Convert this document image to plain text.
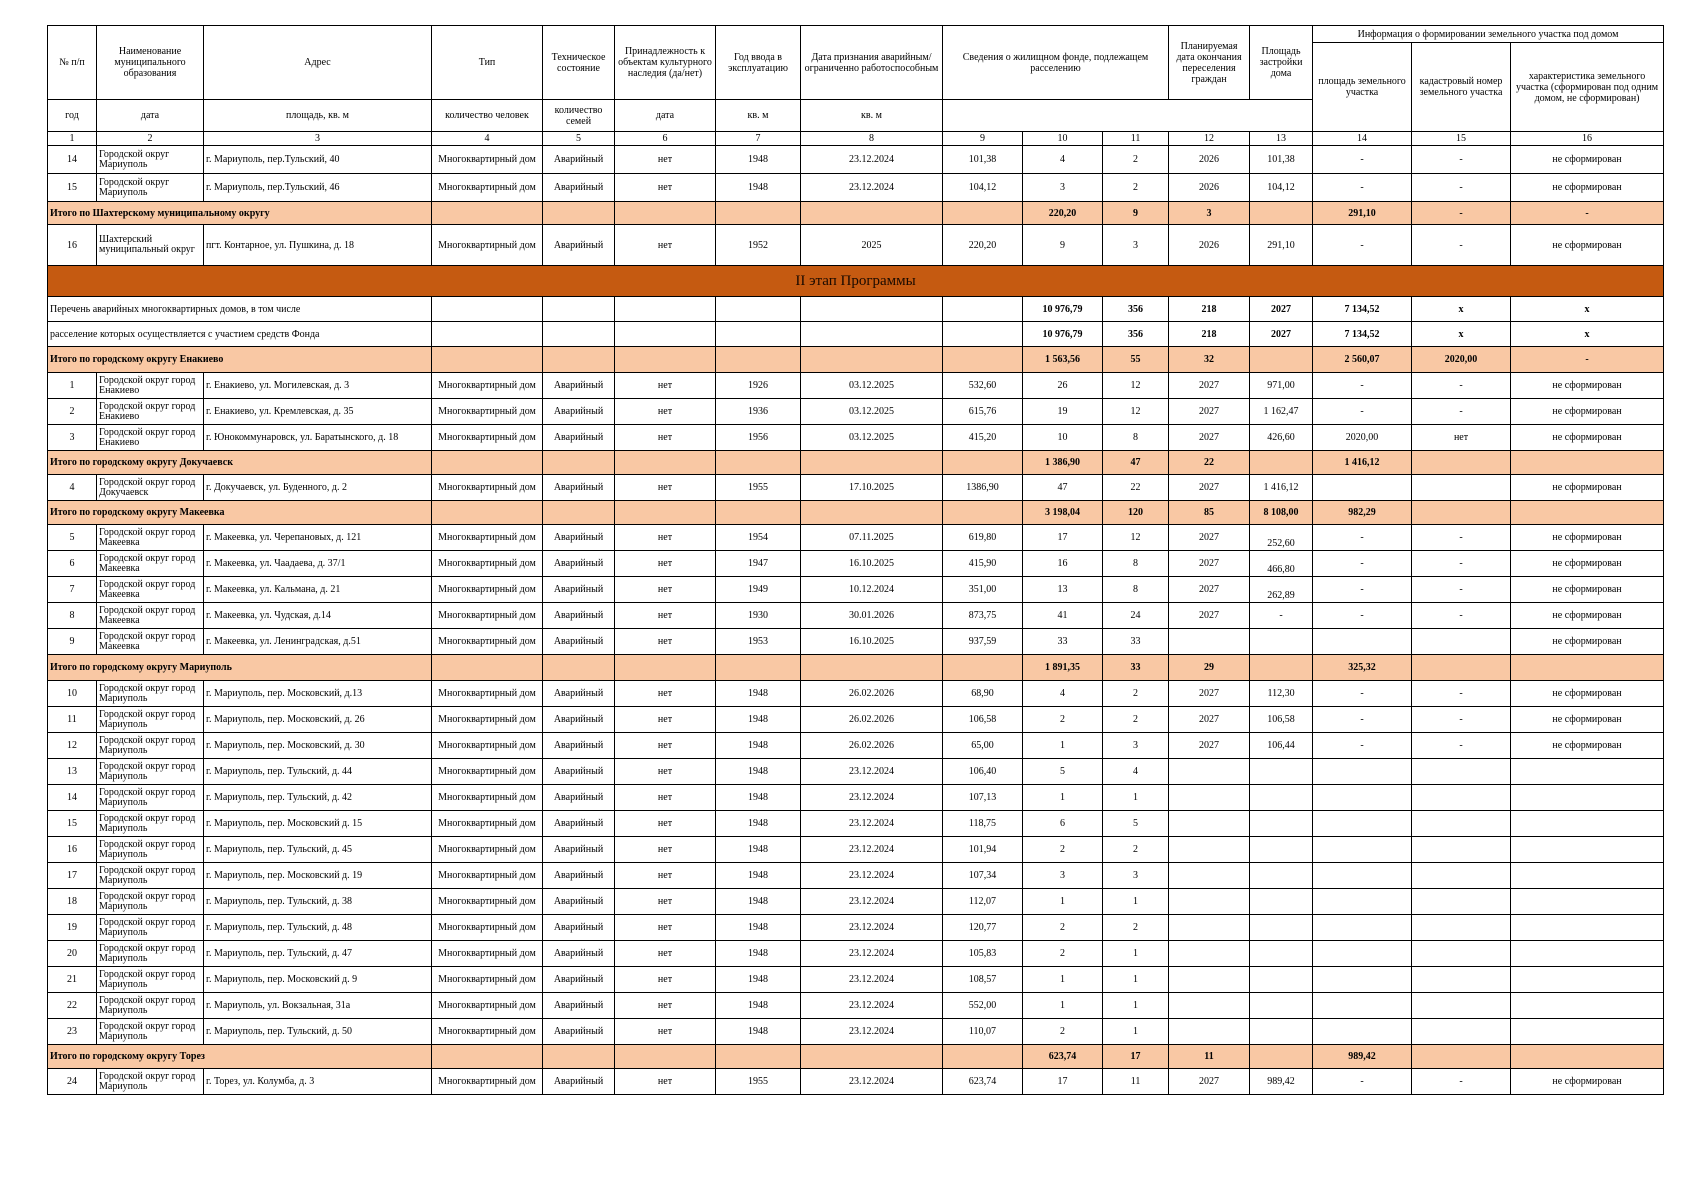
№ п/п	Наименование муниципального образования	Адрес	Тип	Техническое состояние	Принадлежность к объектам культурного наследия (да/нет)	Год ввода в эксплуатацию	Дата признания аварийным/ограниченно работоспособным	Сведения о жилищном фонде, подлежащем расселению			Планируемая дата окончания переселения граждан	Площадь застройки дома	Информация о формировании земельного участка под домом			
													площадь земельного участка	кадастровый номер земельного участка	характеристика земельного участка (сформирован под одним домом, не сформирован)	
год	дата	площадь, кв. м	количество человек	количество семей	дата	кв. м	кв. м									
1	2	3	4	5	6	7	8	9	10	11	12	13	14	15	16	
14	Городской округ Мариуполь	г. Мариуполь, пер.Тульский, 40	Многоквартирный дом	Аварийный	нет	1948	23.12.2024	101,38	4	2	2026	101,38	-	-	не сформирован	
15	Городской округ Мариуполь	г. Мариуполь, пер.Тульский, 46	Многоквартирный дом	Аварийный	нет	1948	23.12.2024	104,12	3	2	2026	104,12	-	-	не сформирован	
Итого по Шахтерскому муниципальному округу									220,20	9	3		291,10	-	-	
16	Шахтерский муниципальный округ	пгт. Контарное, ул. Пушкина, д. 18	Многоквартирный дом	Аварийный	нет	1952	2025	220,20	9	3	2026	291,10	-	-	не сформирован	
II этап Программы																
Перечень аварийных многоквартирных домов, в том числе									10 976,79	356	218	2027	7 134,52	x	x	
расселение которых осуществляется с участием средств Фонда									10 976,79	356	218	2027	7 134,52	x	x	
Итого по городскому округу Енакиево									1 563,56	55	32		2 560,07	2020,00	-	
1	Городской округ город Енакиево	г. Енакиево, ул. Могилевская, д. 3	Многоквартирный дом	Аварийный	нет	1926	03.12.2025	532,60	26	12	2027	971,00	-	-	не сформирован	
2	Городской округ город Енакиево	г. Енакиево, ул. Кремлевская, д. 35	Многоквартирный дом	Аварийный	нет	1936	03.12.2025	615,76	19	12	2027	1 162,47	-	-	не сформирован	
3	Городской округ город Енакиево	г. Юнокоммунаровск, ул. Баратынского, д. 18	Многоквартирный дом	Аварийный	нет	1956	03.12.2025	415,20	10	8	2027	426,60	2020,00	нет	не сформирован	
Итого по городскому округу Докучаевск									1 386,90	47	22		1 416,12			
4	Городской округ город Докучаевск	г. Докучаевск, ул. Буденного, д. 2	Многоквартирный дом	Аварийный	нет	1955	17.10.2025	1386,90	47	22	2027	1 416,12			не сформирован	
Итого по городскому округу Макеевка									3 198,04	120	85	8 108,00	982,29			
5	Городской округ город Макеевка	г. Макеевка, ул. Черепановых, д. 121	Многоквартирный дом	Аварийный	нет	1954	07.11.2025	619,80	17	12	2027	252,60	-	-	не сформирован	
6	Городской округ город Макеевка	г. Макеевка, ул. Чаадаева, д. 37/1	Многоквартирный дом	Аварийный	нет	1947	16.10.2025	415,90	16	8	2027	466,80	-	-	не сформирован	
7	Городской округ город Макеевка	г. Макеевка, ул. Кальмана, д. 21	Многоквартирный дом	Аварийный	нет	1949	10.12.2024	351,00	13	8	2027	262,89	-	-	не сформирован	
8	Городской округ город Макеевка	г. Макеевка, ул. Чудская, д.14	Многоквартирный дом	Аварийный	нет	1930	30.01.2026	873,75	41	24	2027	-	-	-	не сформирован	
9	Городской округ город Макеевка	г. Макеевка, ул. Ленинградская, д.51	Многоквартирный дом	Аварийный	нет	1953	16.10.2025	937,59	33	33					не сформирован	
Итого по городскому округу Мариуполь									1 891,35	33	29		325,32			
10	Городской округ город Мариуполь	г. Мариуполь, пер. Московский, д.13	Многоквартирный дом	Аварийный	нет	1948	26.02.2026	68,90	4	2	2027	112,30	-	-	не сформирован	
11	Городской округ город Мариуполь	г. Мариуполь, пер. Московский, д. 26	Многоквартирный дом	Аварийный	нет	1948	26.02.2026	106,58	2	2	2027	106,58	-	-	не сформирован	
12	Городской округ город Мариуполь	г. Мариуполь, пер. Московский, д. 30	Многоквартирный дом	Аварийный	нет	1948	26.02.2026	65,00	1	3	2027	106,44	-	-	не сформирован	
13	Городской округ город Мариуполь	г. Мариуполь, пер. Тульский, д. 44	Многоквартирный дом	Аварийный	нет	1948	23.12.2024	106,40	5	4						
14	Городской округ город Мариуполь	г. Мариуполь, пер. Тульский, д. 42	Многоквартирный дом	Аварийный	нет	1948	23.12.2024	107,13	1	1						
15	Городской округ город Мариуполь	г. Мариуполь, пер. Московский д. 15	Многоквартирный дом	Аварийный	нет	1948	23.12.2024	118,75	6	5						
16	Городской округ город Мариуполь	г. Мариуполь, пер. Тульский, д. 45	Многоквартирный дом	Аварийный	нет	1948	23.12.2024	101,94	2	2						
17	Городской округ город Мариуполь	г. Мариуполь, пер. Московский д. 19	Многоквартирный дом	Аварийный	нет	1948	23.12.2024	107,34	3	3						
18	Городской округ город Мариуполь	г. Мариуполь, пер. Тульский, д. 38	Многоквартирный дом	Аварийный	нет	1948	23.12.2024	112,07	1	1						
19	Городской округ город Мариуполь	г. Мариуполь, пер. Тульский, д. 48	Многоквартирный дом	Аварийный	нет	1948	23.12.2024	120,77	2	2						
20	Городской округ город Мариуполь	г. Мариуполь, пер. Тульский, д. 47	Многоквартирный дом	Аварийный	нет	1948	23.12.2024	105,83	2	1						
21	Городской округ город Мариуполь	г. Мариуполь, пер. Московский д. 9	Многоквартирный дом	Аварийный	нет	1948	23.12.2024	108,57	1	1						
22	Городской округ город Мариуполь	г. Мариуполь, ул. Вокзальная, 31а	Многоквартирный дом	Аварийный	нет	1948	23.12.2024	552,00	1	1						
23	Городской округ город Мариуполь	г. Мариуполь, пер. Тульский, д. 50	Многоквартирный дом	Аварийный	нет	1948	23.12.2024	110,07	2	1						
Итого по городскому округу Торез									623,74	17	11		989,42			
24	Городской округ город Мариуполь	г. Торез, ул. Колумба, д. 3	Многоквартирный дом	Аварийный	нет	1955	23.12.2024	623,74	17	11	2027	989,42	-	-	не сформирован	
